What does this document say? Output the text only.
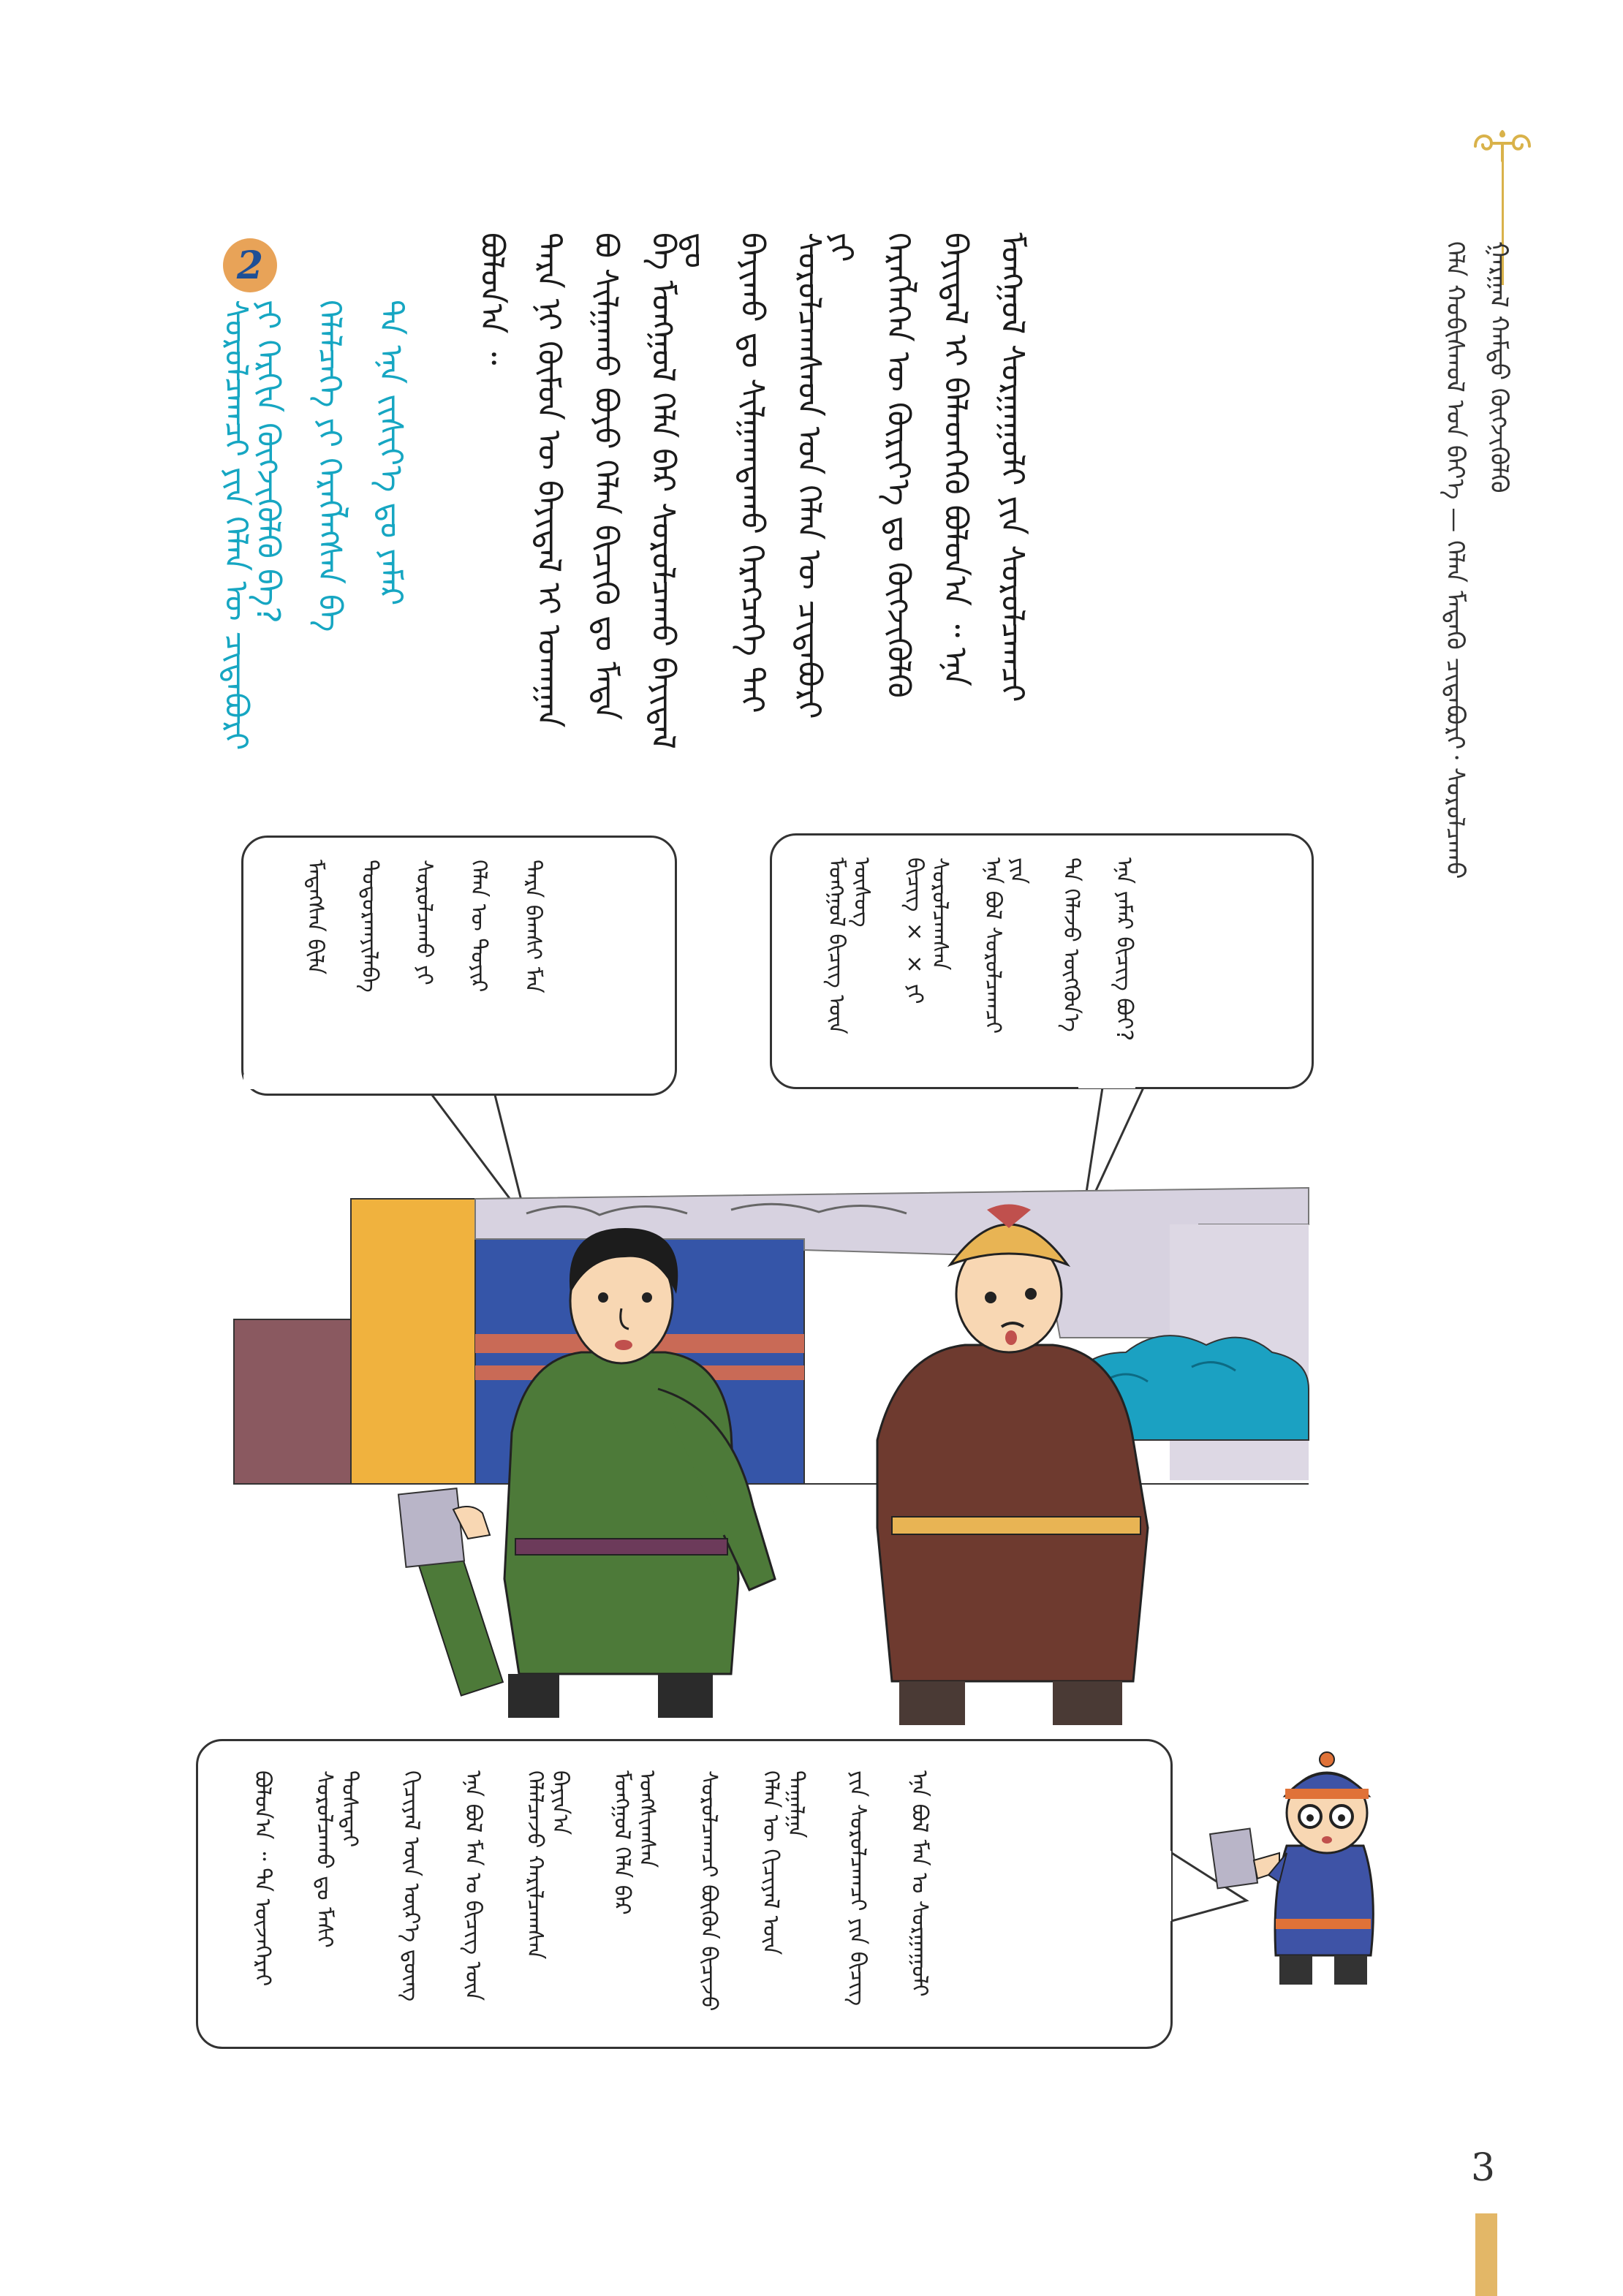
ᠬᠡᠯᠡ ᠬᠤᠪᠢᠰᠬᠤᠯ ᠤᠨ ᠪᠡᠶ᠎ᠡ — ᠬᠡᠯᠡᠨ ᠮᠡᠳᠡᠬᠦ ᠴᠢᠳᠠᠪᠤᠷᠢ᠂ ᠰᠤᠷᠤᠯᠴᠠᠬᠤ ᠭᠠᠷᠭᠠᠯ ᠬᠠᠮᠲᠤ ᠬᠥᠭᠵᠢᠭᠦᠯᠬᠦ
ᠮᠣᠩᠭᠣᠯ ᠰᠤᠷᠭᠠᠭᠤᠯᠢ ᠶᠢᠨ ᠰᠤᠷᠤᠯᠴᠠᠭᠴᠢ
ᠪᠠᠶᠢᠳᠠᠯ ᠢ ᠪᠡᠯᠡᠳᠬᠡᠬᠦ ᠪᠣᠯᠤᠨ᠎ᠠ ᠃ ᠡᠨᠡ
ᠬᠡᠷᠡᠭᠯᠡᠭᠡᠨ ᠦ ᠬᠦᠷᠢᠶ᠎ᠡ ᠳᠤ ᠬᠥᠭᠵᠢᠭᠦᠯᠬᠦ
ᠰᠤᠷᠤᠯᠴᠠᠭᠰᠠᠳ ᠤᠨ ᠬᠡᠯᠡᠨ ᠦ ᠴᠢᠳᠠᠪᠤᠷᠢ ᠶᠢ
ᠪᠠᠶᠢᠬᠤ ᠳᠤ ᠰᠢᠯᠭᠠᠭᠳᠠᠬᠤ ᠬᠡᠷᠡᠭᠴᠡᠭᠡ ᠲᠠᠢ
ᠪᠡ ᠮᠣᠩᠭᠣᠯ ᠬᠡᠯᠡ ᠪᠡᠷ ᠰᠤᠷᠤᠯᠴᠠᠬᠤ ᠪᠠᠶᠢᠳᠠᠯ ᠳᠤ
ᠪᠣ ᠰᠢᠯᠭᠠᠬᠤ ᠪᠤᠶᠤ ᠬᠡᠯᠡᠨ ᠪᠢᠴᠢᠬᠦ ᠳᠤ ᠮᠡᠳᠡ
ᠲᠡᠷᠡ ᠨᠢ ᠬᠦᠮᠦᠨ ᠦ ᠪᠠᠶᠢᠳᠠᠯ ᠢ ᠤᠬᠠᠭᠠᠨ
ᠪᠣᠯᠤᠨ᠎ᠠ ᠃
2
ᠰᠤᠷᠤᠯᠴᠠᠭᠴᠢ ᠶᠢᠨ ᠬᠡᠯᠡᠨ ᠦ ᠴᠢᠳᠠᠪᠤᠷᠢ ᠶᠢ ᠬᠡᠷᠬᠢᠨ ᠬᠥᠭᠵᠢᠭᠦᠯᠬᠦ ᠪᠡ? ᠬᠡᠯᠡᠯᠴᠡᠭᠡ ᠶᠢ ᠬᠡᠷᠡᠭᠯᠡᠭᠰᠡᠨ ᠪᠡ ᠲᠠ ᠡᠨᠡ ᠵᠢᠱᠢᠶ᠎ᠡ ᠳᠤ ᠶᠠᠮᠠᠷ
ᠮᠡᠳᠡᠭᠰᠡᠨ ᠪᠢᠯᠡ ᠲᠣᠳᠤᠷᠬᠠᠶᠢᠯᠠᠪᠠ ᠰᠤᠷᠤᠯᠴᠠᠬᠤ ᠶᠢ ᠬᠡᠯᠡᠨ ᠦ ᠲᠤᠶᠢᠷ ᠲᠡᠷᠡ ᠪᠠᠭᠰᠢ ᠮᠠᠨ	ᠮᠣᠩᠭᠣᠯ ᠪᠢᠴᠢᠭ ᠦᠨ ᠦᠰᠦᠭ ᠪᠢᠴᠢᠭ × × ᠶᠢ ᠰᠤᠷᠤᠯᠴᠠᠭᠰᠠᠨ ᠡᠨᠡ ᠪᠣᠯ ᠰᠤᠷᠤᠯᠴᠠᠭᠴᠢ ᠶᠢᠨ ᠲᠠ ᠬᠡᠯᠡᠵᠦ ᠥᠭᠭᠦᠨ᠎ᠡ ᠡᠨᠡ ᠶᠠᠮᠠᠷ ᠪᠢᠴᠢᠭ ᠪᠤᠢ?
ᠪᠣᠯᠤᠨ᠎ᠠ ᠃ ᠲᠠ ᠦᠵᠡᠭᠡᠷᠡᠢ ᠰᠤᠷᠤᠯᠴᠠᠬᠤ ᠳᠤ ᠮᠠᠰᠢ ᠲᠤᠰᠠᠲᠠᠢ ᠬᠢᠴᠢᠶᠡᠯ ᠦᠨ ᠦᠷ᠎ᠡ ᠳ᠋ᠦᠩ ᠡᠨᠡ ᠪᠣᠯ ᠮᠠᠨ ᠤ ᠪᠢᠴᠢᠭ ᠦᠨ ᠬᠡᠯᠡᠯᠴᠡᠵᠦ ᠬᠠᠷᠢᠯᠴᠠᠭᠰᠠᠨ ᠪᠠᠶᠢᠨ᠎ᠠ ᠮᠣᠩᠭᠣᠯ ᠬᠡᠯᠡ ᠪᠡᠷ ᠤᠩᠰᠢᠭᠰᠠᠨ ᠰᠤᠷᠤᠯᠴᠠᠭᠴᠢ ᠪᠦᠬᠦᠨ ᠪᠢᠴᠢᠵᠦ ᠬᠡᠯᠡᠨ ᠦ ᠬᠢᠴᠢᠶᠡᠯ ᠦᠨ ᠳᠠᠭᠠᠯᠭᠠ ᠶᠢᠨ ᠰᠤᠷᠤᠯᠴᠠᠭᠴᠢ ᠶᠢᠨ ᠪᠢᠴᠢᠭ ᠡᠨᠡ ᠪᠣᠯ ᠮᠠᠨ ᠤ ᠰᠤᠷᠭᠠᠭᠤᠯᠢ
3
